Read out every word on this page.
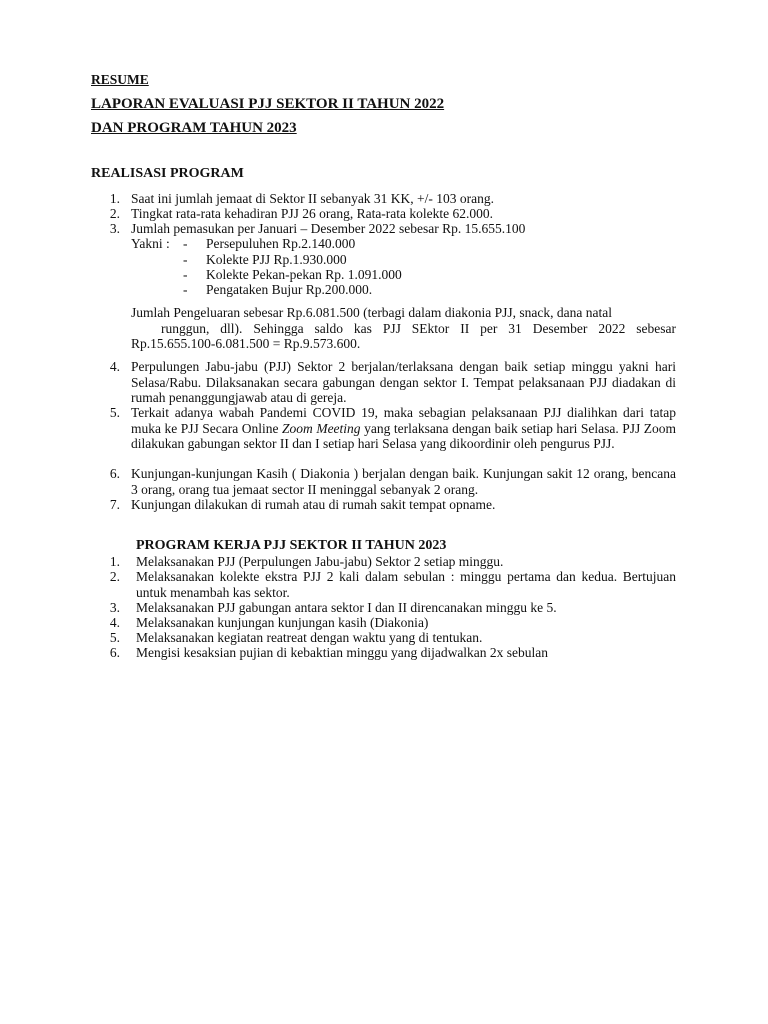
RESUME
LAPORAN EVALUASI PJJ SEKTOR II TAHUN 2022
DAN PROGRAM TAHUN 2023
REALISASI PROGRAM
1. Saat ini jumlah jemaat di Sektor II sebanyak 31 KK, +/- 103 orang.
2. Tingkat rata-rata kehadiran PJJ 26 orang, Rata-rata kolekte 62.000.
3. Jumlah pemasukan per Januari – Desember 2022 sebesar Rp. 15.655.100
Yakni : - Persepuluhen Rp.2.140.000
- Kolekte PJJ Rp.1.930.000
- Kolekte Pekan-pekan Rp. 1.091.000
- Pengataken Bujur Rp.200.000.
Jumlah Pengeluaran sebesar Rp.6.081.500 (terbagi dalam diakonia PJJ, snack, dana natal
runggun, dll). Sehingga saldo kas PJJ SEktor II per 31 Desember 2022 sebesar
Rp.15.655.100-6.081.500 = Rp.9.573.600.
4. Perpulungen Jabu-jabu (PJJ) Sektor 2 berjalan/terlaksana dengan baik setiap minggu yakni hari Selasa/Rabu. Dilaksanakan secara gabungan dengan sektor I. Tempat pelaksanaan PJJ diadakan di rumah penanggungjawab atau di gereja.
5. Terkait adanya wabah Pandemi COVID 19, maka sebagian pelaksanaan PJJ dialihkan dari tatap muka ke PJJ Secara Online Zoom Meeting yang terlaksana dengan baik setiap hari Selasa. PJJ Zoom dilakukan gabungan sektor II dan I setiap hari Selasa yang dikoordinir oleh pengurus PJJ.
6. Kunjungan-kunjungan Kasih ( Diakonia ) berjalan dengan baik. Kunjungan sakit 12 orang, bencana 3 orang, orang tua jemaat sector II meninggal sebanyak 2 orang.
7. Kunjungan dilakukan di rumah atau di rumah sakit tempat opname.
PROGRAM KERJA PJJ SEKTOR II TAHUN 2023
1. Melaksanakan PJJ (Perpulungen Jabu-jabu) Sektor 2 setiap minggu.
2. Melaksanakan kolekte ekstra PJJ 2 kali dalam sebulan : minggu pertama dan kedua. Bertujuan untuk menambah kas sektor.
3. Melaksanakan PJJ gabungan antara sektor I dan II direncanakan minggu ke 5.
4. Melaksanakan kunjungan kunjungan kasih (Diakonia)
5. Melaksanakan kegiatan reatreat dengan waktu yang di tentukan.
6. Mengisi kesaksian pujian di kebaktian minggu yang dijadwalkan 2x sebulan
